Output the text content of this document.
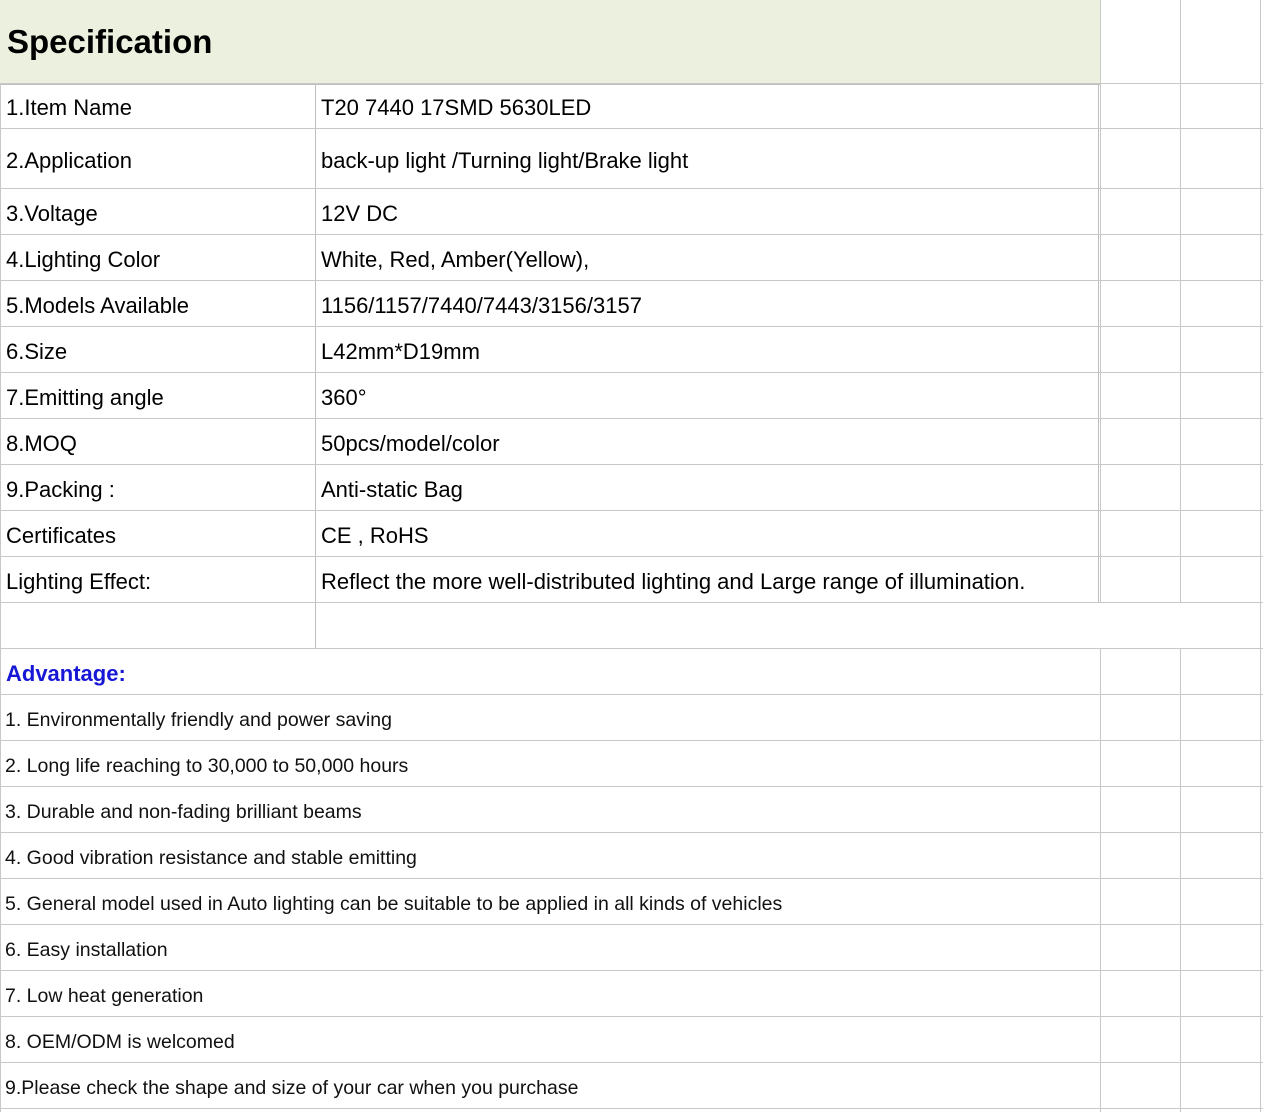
Specification
1.Item Name	T20 7440 17SMD 5630LED
2.Application	back-up light /Turning light/Brake light
3.Voltage	12V DC
4.Lighting Color	White, Red, Amber(Yellow),
5.Models Available	1156/1157/7440/7443/3156/3157
6.Size	L42mm*D19mm
7.Emitting angle	360°
8.MOQ	50pcs/model/color
9.Packing :	Anti-static Bag
Certificates	CE , RoHS
Lighting Effect:	Reflect the more well-distributed lighting and Large range of illumination.
Advantage:
1. Environmentally friendly and power saving
2. Long life reaching to 30,000 to 50,000 hours
3. Durable and non-fading brilliant beams
4. Good vibration resistance and stable emitting
5. General model used in Auto lighting can be suitable to be applied in all kinds of vehicles
6. Easy installation
7. Low heat generation
8. OEM/ODM is welcomed
9.Please check the shape and size of your car when you purchase
